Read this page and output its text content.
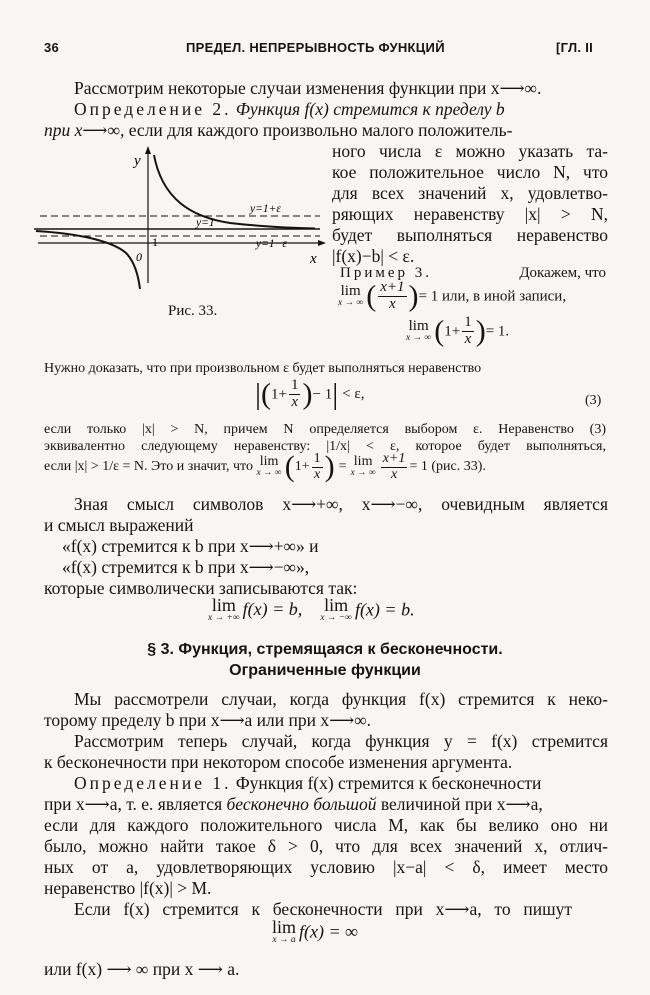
36	ПРЕДЕЛ. НЕПРЕРЫВНОСТЬ ФУНКЦИЙ	[ГЛ. II
Рассмотрим некоторые случаи изменения функции при x⟶∞.
Определение 2. Функция f(x) стремится к пределу b
при x⟶∞, если для каждого произвольно малого положитель-
ного числа ε можно указать та-
кое положительное число N, что
для всех значений x, удовлетво-
ряющих неравенству |x| > N,
будет выполняться неравенство
|f(x)−b| < ε.
y
x
0
1
y=1+ε
y=1
y=1−ε
Рис. 33.
Пример 3.	Докажем, что
lim
x → ∞ ( $\frac{x+1}{x}$ )= 1 или, в иной записи,
lim
x → ∞ ($1+ \frac{1}{x}$ )= 1.
Нужно доказать, что при произвольном ε будет выполняться неравенство
$|(1+ \frac{1}{x}$ )− 1| < ε,	(3)
если только |x| > N, причем N определяется выбором ε. Неравенство (3)
эквивалентно следующему неравенству: |1/x| < ε, которое будет выполняться,
если |x| > 1/ε = N. Это и значит, что lim
x → ∞ ($1+ \frac{1}{x}$ ) = lim
x → ∞ $\frac{x+1}{x} = 1$ (рис. 33).
Зная смысл символов x⟶+∞, x⟶−∞, очевидным является
и смысл выражений
«f(x) стремится к b при x⟶+∞» и
«f(x) стремится к b при x⟶−∞»,
которые символически записываются так:
lim
x → +∞ f(x) = b, lim
x → −∞ f(x) = b.
§ 3. Функция, стремящаяся к бесконечности.
Ограниченные функции
Мы рассмотрели случаи, когда функция f(x) стремится к неко-
торому пределу b при x⟶a или при x⟶∞.
Рассмотрим теперь случай, когда функция y = f(x) стремится
к бесконечности при некотором способе изменения аргумента.
Определение 1. Функция f(x) стремится к бесконечности
при x⟶a, т. е. является бесконечно большой величиной при x⟶a,
если для каждого положительного числа M, как бы велико оно ни
было, можно найти такое δ > 0, что для всех значений x, отлич-
ных от a, удовлетворяющих условию |x−a| < δ, имеет место
неравенство |f(x)| > M.
Если f(x) стремится к бесконечности при x⟶a, то пишут
lim
x → a f(x) = ∞
или f(x) ⟶ ∞ при x ⟶ a.
